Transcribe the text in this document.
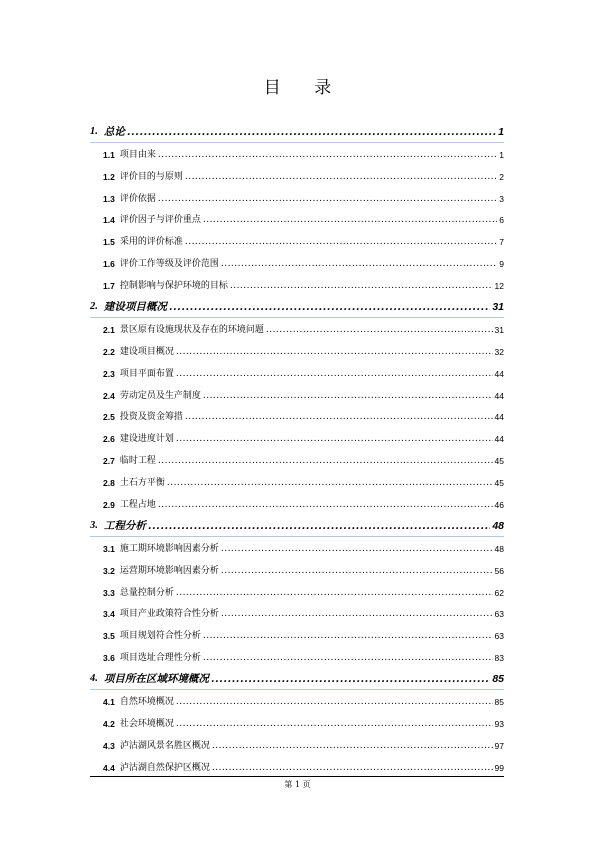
目 录
1. 总论 .....	1
1.1 项目由来 .....	1
1.2 评价目的与原则 .....	2
1.3 评价依据 .....	3
1.4 评价因子与评价重点 .....	6
1.5 采用的评价标准 .....	7
1.6 评价工作等级及评价范围 .....	9
1.7 控制影响与保护环境的目标 .....	12
2. 建设项目概况 .....	31
2.1 景区原有设施现状及存在的环境问题 .....	31
2.2 建设项目概况 .....	32
2.3 项目平面布置 .....	44
2.4 劳动定员及生产制度 .....	44
2.5 投资及资金筹措 .....	44
2.6 建设进度计划 .....	44
2.7 临时工程 .....	45
2.8 土石方平衡 .....	45
2.9 工程占地 .....	46
3. 工程分析 .....	48
3.1 施工期环境影响因素分析 .....	48
3.2 运营期环境影响因素分析 .....	56
3.3 总量控制分析 .....	62
3.4 项目产业政策符合性分析 .....	63
3.5 项目规划符合性分析 .....	63
3.6 项目选址合理性分析 .....	83
4. 项目所在区域环境概况 .....	85
4.1 自然环境概况 .....	85
4.2 社会环境概况 .....	93
4.3 泸沽湖风景名胜区概况 .....	97
4.4 泸沽湖自然保护区概况 .....	99
第 1 页
